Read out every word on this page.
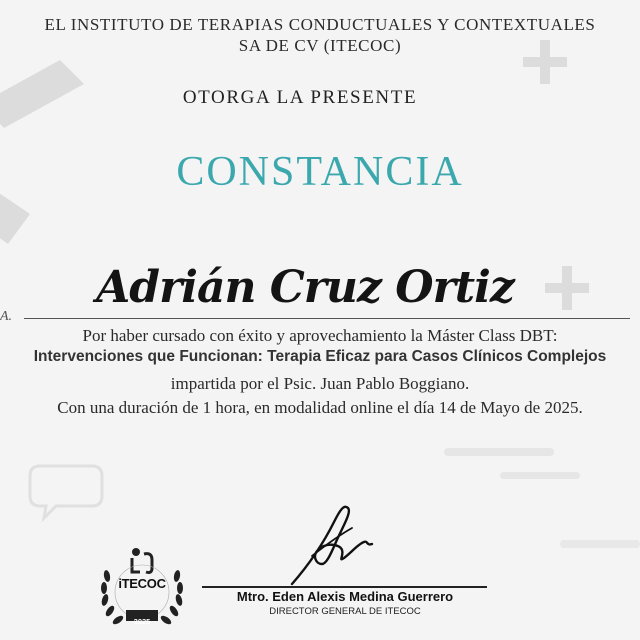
EL INSTITUTO DE TERAPIAS CONDUCTUALES Y CONTEXTUALES
SA DE CV (ITECOC)
OTORGA LA PRESENTE
CONSTANCIA
Adrián Cruz Ortiz
A.
Por haber cursado con éxito y aprovechamiento la Máster Class DBT:
Intervenciones que Funcionan: Terapia Eficaz para Casos Clínicos Complejos
impartida por el Psic. Juan Pablo Boggiano.
Con una duración de 1 hora, en modalidad online el día 14 de Mayo de 2025.
iTECOC
2025
Mtro. Eden Alexis Medina Guerrero
DIRECTOR GENERAL DE ITECOC
